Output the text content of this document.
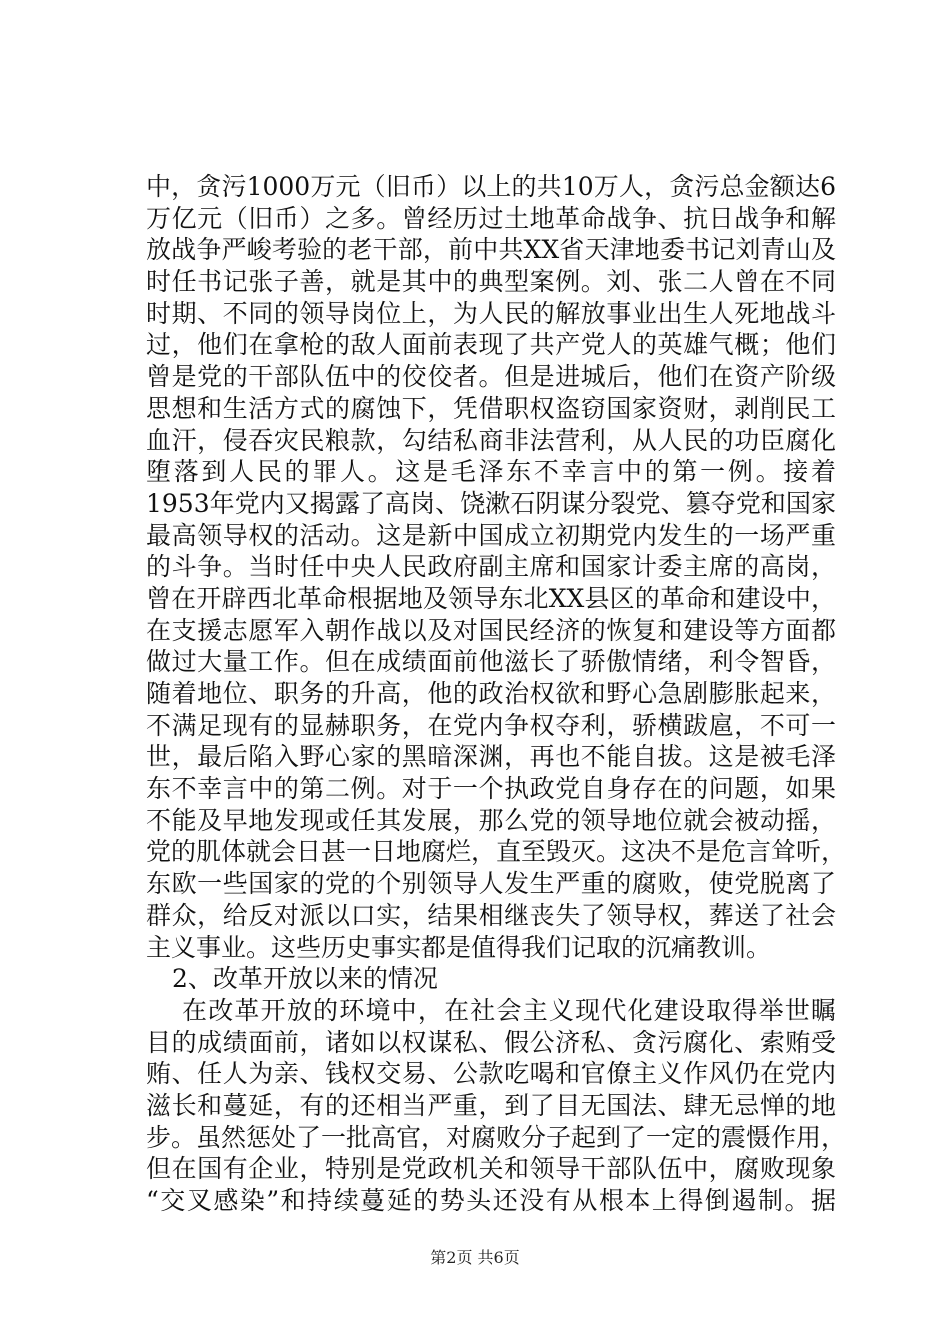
中，贪污1000万元（旧币）以上的共10万人，贪污总金额达6
万亿元（旧币）之多。曾经历过土地革命战争、抗日战争和解
放战争严峻考验的老干部，前中共XX省天津地委书记刘青山及
时任书记张子善，就是其中的典型案例。刘、张二人曾在不同
时期、不同的领导岗位上，为人民的解放事业出生人死地战斗
过，他们在拿枪的敌人面前表现了共产党人的英雄气概；他们
曾是党的干部队伍中的佼佼者。但是进城后，他们在资产阶级
思想和生活方式的腐蚀下，凭借职权盗窃国家资财，剥削民工
血汗，侵吞灾民粮款，勾结私商非法营利，从人民的功臣腐化
堕落到人民的罪人。这是毛泽东不幸言中的第一例。接着
1953年党内又揭露了高岗、饶漱石阴谋分裂党、篡夺党和国家
最高领导权的活动。这是新中国成立初期党内发生的一场严重
的斗争。当时任中央人民政府副主席和国家计委主席的高岗，
曾在开辟西北革命根据地及领导东北XX县区的革命和建设中，
在支援志愿军入朝作战以及对国民经济的恢复和建设等方面都
做过大量工作。但在成绩面前他滋长了骄傲情绪，利令智昏，
随着地位、职务的升高，他的政治权欲和野心急剧膨胀起来，
不满足现有的显赫职务，在党内争权夺利，骄横跋扈，不可一
世，最后陷入野心家的黑暗深渊，再也不能自拔。这是被毛泽
东不幸言中的第二例。对于一个执政党自身存在的问题，如果
不能及早地发现或任其发展，那么党的领导地位就会被动摇，
党的肌体就会日甚一日地腐烂，直至毁灭。这决不是危言耸听，
东欧一些国家的党的个别领导人发生严重的腐败，使党脱离了
群众，给反对派以口实，结果相继丧失了领导权，葬送了社会
主义事业。这些历史事实都是值得我们记取的沉痛教训。
2、改革开放以来的情况
在改革开放的环境中，在社会主义现代化建设取得举世瞩
目的成绩面前，诸如以权谋私、假公济私、贪污腐化、索贿受
贿、任人为亲、钱权交易、公款吃喝和官僚主义作风仍在党内
滋长和蔓延，有的还相当严重，到了目无国法、肆无忌惮的地
步。虽然惩处了一批高官，对腐败分子起到了一定的震慑作用，
但在国有企业，特别是党政机关和领导干部队伍中，腐败现象
“交叉感染”和持续蔓延的势头还没有从根本上得倒遏制。据
第2页 共6页
